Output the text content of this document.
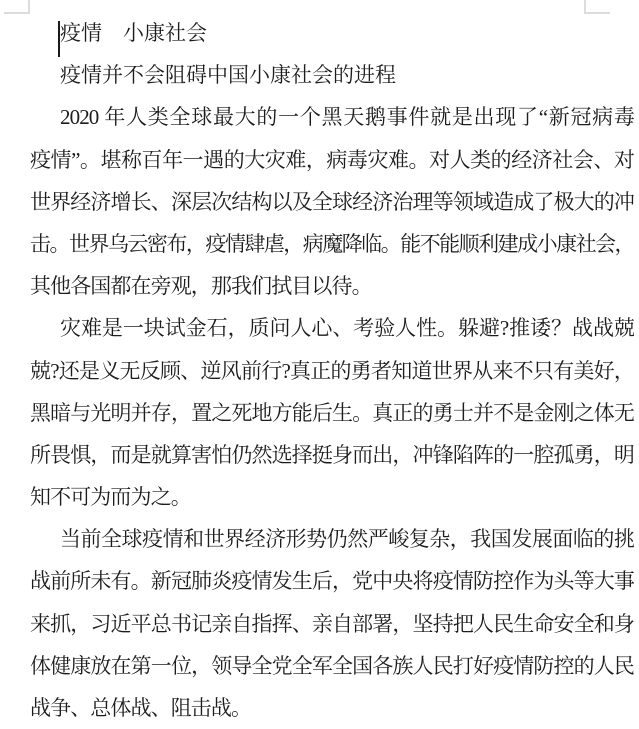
疫情　小康社会
疫情并不会阻碍中国小康社会的进程
2020 年人类全球最大的一个黑天鹅事件就是出现了“新冠病毒
疫情”。堪称百年一遇的大灾难，病毒灾难。对人类的经济社会、对
世界经济增长、深层次结构以及全球经济治理等领域造成了极大的冲
击。世界乌云密布，疫情肆虐，病魔降临。能不能顺利建成小康社会，
其他各国都在旁观，那我们拭目以待。
灾难是一块试金石，质问人心、考验人性。躲避?推诿？战战兢
兢?还是义无反顾、逆风前行?真正的勇者知道世界从来不只有美好，
黑暗与光明并存，置之死地方能后生。真正的勇士并不是金刚之体无
所畏惧，而是就算害怕仍然选择挺身而出，冲锋陷阵的一腔孤勇，明
知不可为而为之。
当前全球疫情和世界经济形势仍然严峻复杂，我国发展面临的挑
战前所未有。新冠肺炎疫情发生后，党中央将疫情防控作为头等大事
来抓，习近平总书记亲自指挥、亲自部署，坚持把人民生命安全和身
体健康放在第一位，领导全党全军全国各族人民打好疫情防控的人民
战争、总体战、阻击战。
